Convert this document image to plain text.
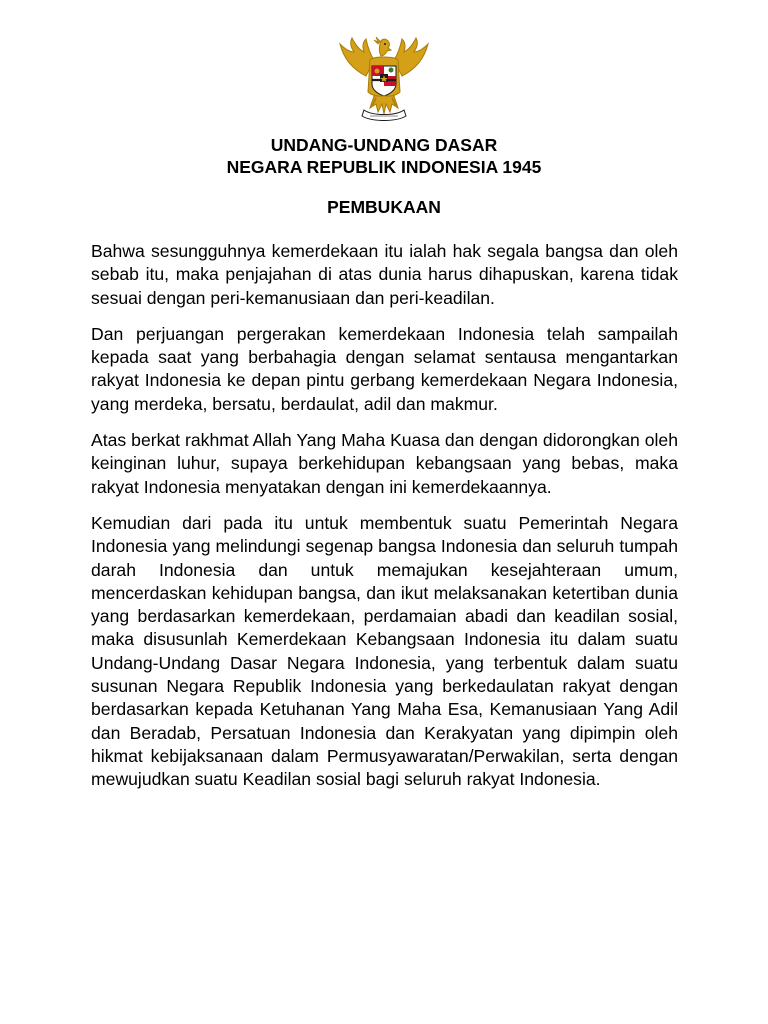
UNDANG-UNDANG DASAR
NEGARA REPUBLIK INDONESIA 1945
PEMBUKAAN

Bahwa sesungguhnya kemerdekaan itu ialah hak segala bangsa dan oleh sebab itu, maka penjajahan di atas dunia harus dihapuskan, karena tidak sesuai dengan peri-kemanusiaan dan peri-keadilan.

Dan perjuangan pergerakan kemerdekaan Indonesia telah sampailah kepada saat yang berbahagia dengan selamat sentausa mengantarkan rakyat Indonesia ke depan pintu gerbang kemerdekaan Negara Indonesia, yang merdeka, bersatu, berdaulat, adil dan makmur.

Atas berkat rakhmat Allah Yang Maha Kuasa dan dengan didorongkan oleh keinginan luhur, supaya berkehidupan kebangsaan yang bebas, maka rakyat Indonesia menyatakan dengan ini kemerdekaannya.

Kemudian dari pada itu untuk membentuk suatu Pemerintah Negara Indonesia yang melindungi segenap bangsa Indonesia dan seluruh tumpah darah Indonesia dan untuk memajukan kesejahteraan umum, mencerdaskan kehidupan bangsa, dan ikut melaksanakan ketertiban dunia yang berdasarkan kemerdekaan, perdamaian abadi dan keadilan sosial, maka disusunlah Kemerdekaan Kebangsaan Indonesia itu dalam suatu Undang-Undang Dasar Negara Indonesia, yang terbentuk dalam suatu susunan Negara Republik Indonesia yang berkedaulatan rakyat dengan berdasarkan kepada Ketuhanan Yang Maha Esa, Kemanusiaan Yang Adil dan Beradab, Persatuan Indonesia dan Kerakyatan yang dipimpin oleh hikmat kebijaksanaan dalam Permusyawaratan/Perwakilan, serta dengan mewujudkan suatu Keadilan sosial bagi seluruh rakyat Indonesia.
